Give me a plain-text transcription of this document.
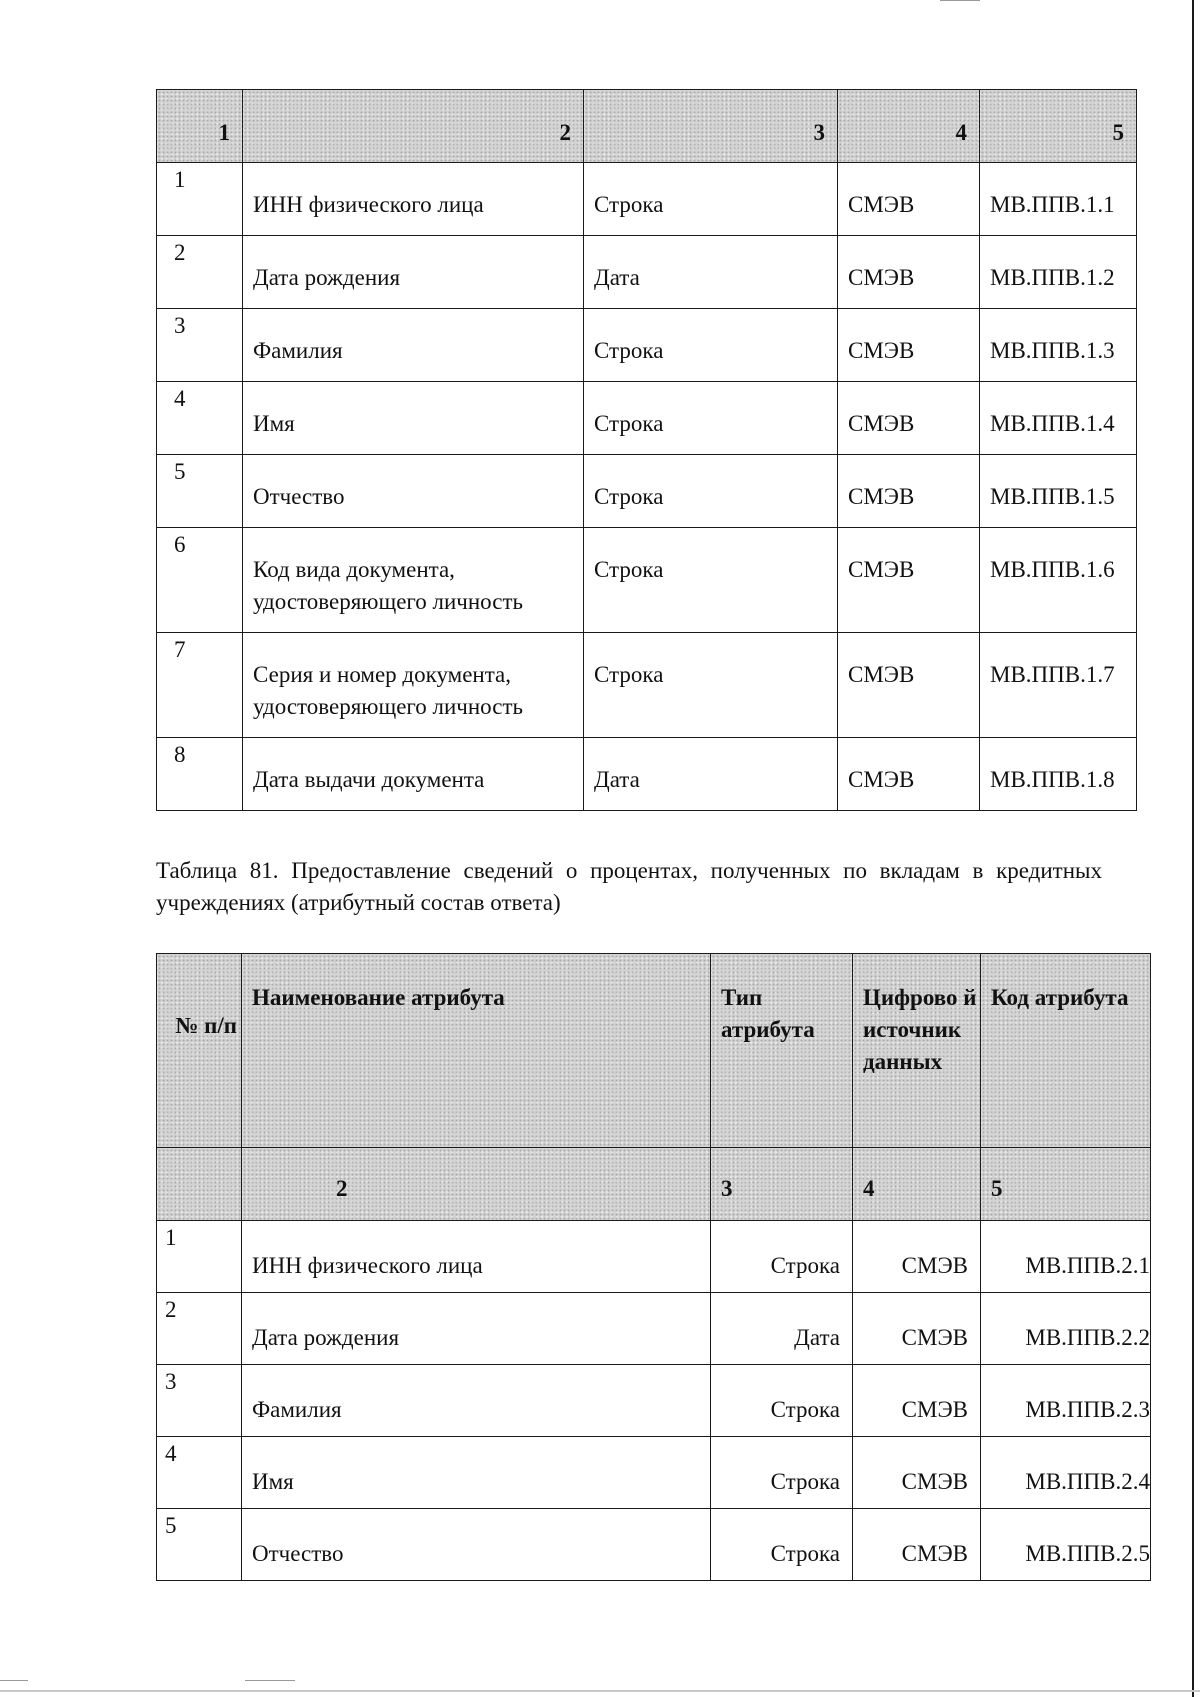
1	2	3	4	5
1	ИНН физического лица	Строка	СМЭВ	МВ.ППВ.1.1
2	Дата рождения	Дата	СМЭВ	МВ.ППВ.1.2
3	Фамилия	Строка	СМЭВ	МВ.ППВ.1.3
4	Имя	Строка	СМЭВ	МВ.ППВ.1.4
5	Отчество	Строка	СМЭВ	МВ.ППВ.1.5
6	Код вида документа, удостоверяющего личность	Строка	СМЭВ	МВ.ППВ.1.6
7	Серия и номер документа, удостоверяющего личность	Строка	СМЭВ	МВ.ППВ.1.7
8	Дата выдачи документа	Дата	СМЭВ	МВ.ППВ.1.8
Таблица 81. Предоставление сведений о процентах, полученных по вкладам в кредитных учреждениях (атрибутный состав ответа)
№ п/п	Наименование атрибута	Тип атрибута	Цифрово й источник данных	Код атрибута
	2	3	4	5
1	ИНН физического лица	Строка	СМЭВ	МВ.ППВ.2.1
2	Дата рождения	Дата	СМЭВ	МВ.ППВ.2.2
3	Фамилия	Строка	СМЭВ	МВ.ППВ.2.3
4	Имя	Строка	СМЭВ	МВ.ППВ.2.4
5	Отчество	Строка	СМЭВ	МВ.ППВ.2.5
